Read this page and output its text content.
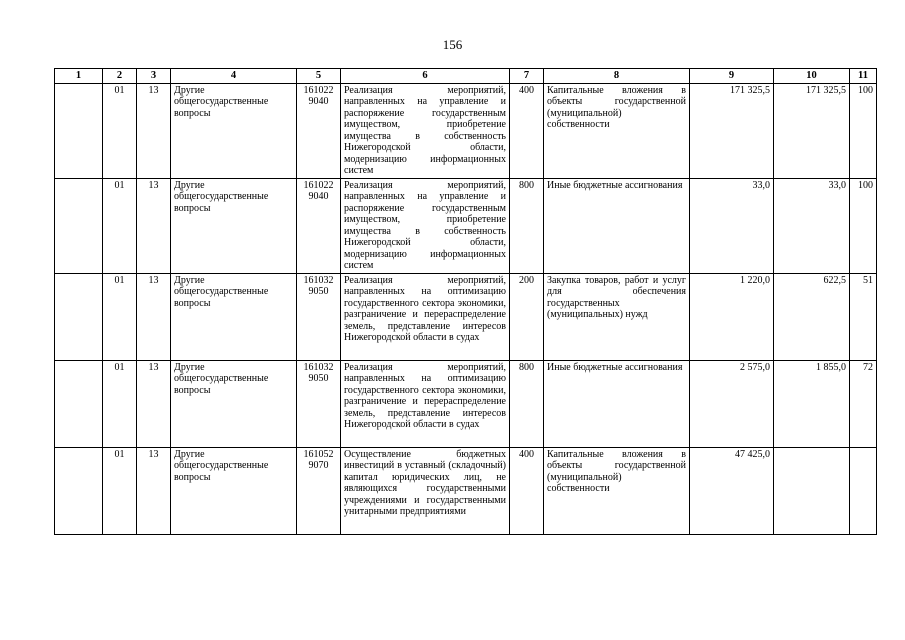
156
1	2	3	4	5	6	7	8	9	10	11
	01	13	Другие общегосударственные вопросы	161022 9040	Реализация мероприятий, направленных на управление и распоряжение государственным имуществом, приобретение имущества в собственность Нижегородской области, модернизацию информационных систем	400	Капитальные вложения в объекты государственной (муниципальной) собственности	171 325,5	171 325,5	100
	01	13	Другие общегосударственные вопросы	161022 9040	Реализация мероприятий, направленных на управление и распоряжение государственным имуществом, приобретение имущества в собственность Нижегородской области, модернизацию информационных систем	800	Иные бюджетные ассигнования	33,0	33,0	100
	01	13	Другие общегосударственные вопросы	161032 9050	Реализация мероприятий, направленных на оптимизацию государственного сектора экономики, разграничение и перераспределение земель, представление интересов Нижегородской области в судах	200	Закупка товаров, работ и услуг для обеспечения государственных (муниципальных) нужд	1 220,0	622,5	51
	01	13	Другие общегосударственные вопросы	161032 9050	Реализация мероприятий, направленных на оптимизацию государственного сектора экономики, разграничение и перераспределение земель, представление интересов Нижегородской области в судах	800	Иные бюджетные ассигнования	2 575,0	1 855,0	72
	01	13	Другие общегосударственные вопросы	161052 9070	Осуществление бюджетных инвестиций в уставный (складочный) капитал юридических лиц, не являющихся государственными учреждениями и государственными унитарными предприятиями	400	Капитальные вложения в объекты государственной (муниципальной) собственности	47 425,0		
